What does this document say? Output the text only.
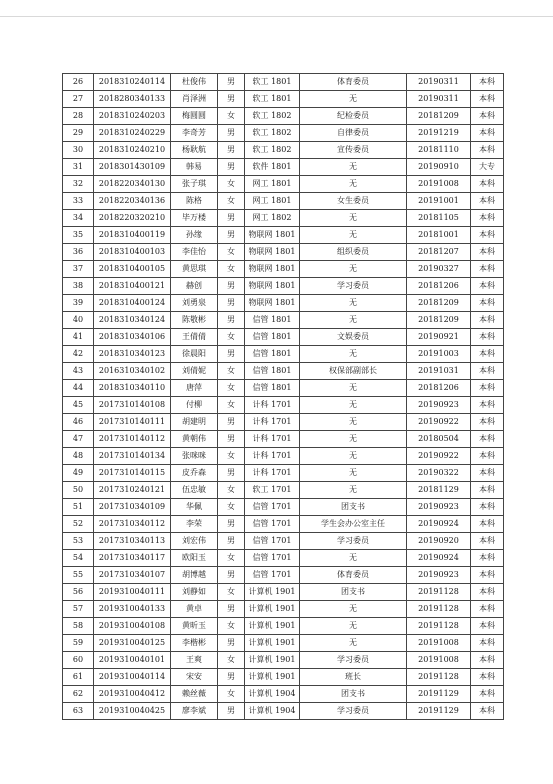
26	2018310240114	杜俊伟	男	软工 1801	体育委员	20190311	本科
27	2018280340133	肖泽洲	男	软工 1801	无	20190311	本科
28	2018310240203	梅圆圆	女	软工 1802	纪检委员	20181209	本科
29	2018310240229	李奇芳	男	软工 1802	自律委员	20191219	本科
30	2018310240210	杨耿航	男	软工 1802	宣传委员	20181110	本科
31	2018301430109	韩易	男	软件 1801	无	20190910	大专
32	2018220340130	张子琪	女	网工 1801	无	20191008	本科
33	2018220340136	陈格	女	网工 1801	女生委员	20191001	本科
34	2018220320210	毕万楼	男	网工 1802	无	20181105	本科
35	2018310400119	孙缘	男	物联网 1801	无	20181001	本科
36	2018310400103	李佳怡	女	物联网 1801	组织委员	20181207	本科
37	2018310400105	黄思琪	女	物联网 1801	无	20190327	本科
38	2018310400121	赫创	男	物联网 1801	学习委员	20181206	本科
39	2018310400124	刘勇泉	男	物联网 1801	无	20181209	本科
40	2018310340124	陈敬彬	男	信管 1801	无	20181209	本科
41	2018310340106	王倩倩	女	信管 1801	文娱委员	20190921	本科
42	2018310340123	徐晨阳	男	信管 1801	无	20191003	本科
43	2016310340102	刘倩妮	女	信管 1801	权保部副部长	20191031	本科
44	2018310340110	唐萍	女	信管 1801	无	20181206	本科
45	2017310140108	付柳	女	计科 1701	无	20190923	本科
46	2017310140111	胡建明	男	计科 1701	无	20190922	本科
47	2017310140112	黄朝伟	男	计科 1701	无	20180504	本科
48	2017310140134	张咪咪	女	计科 1701	无	20190922	本科
49	2017310140115	皮乔森	男	计科 1701	无	20190322	本科
50	2017310240121	伍忠敏	女	软工 1701	无	20181129	本科
51	2017310340109	华佩	女	信管 1701	团支书	20190923	本科
52	2017310340112	李荣	男	信管 1701	学生会办公室主任	20190924	本科
53	2017310340113	刘宏伟	男	信管 1701	学习委员	20190920	本科
54	2017310340117	欧阳玉	女	信管 1701	无	20190924	本科
55	2017310340107	胡博越	男	信管 1701	体育委员	20190923	本科
56	2019310040111	刘静如	女	计算机 1901	团支书	20191128	本科
57	2019310040133	黄卓	男	计算机 1901	无	20191128	本科
58	2019310040108	黄昕玉	女	计算机 1901	无	20191128	本科
59	2019310040125	李楷彬	男	计算机 1901	无	20191008	本科
60	2019310040101	王爽	女	计算机 1901	学习委员	20191008	本科
61	2019310040114	宋安	男	计算机 1901	班长	20191128	本科
62	2019310040412	赖丝薇	女	计算机 1904	团支书	20191129	本科
63	2019310040425	廖李斌	男	计算机 1904	学习委员	20191129	本科
